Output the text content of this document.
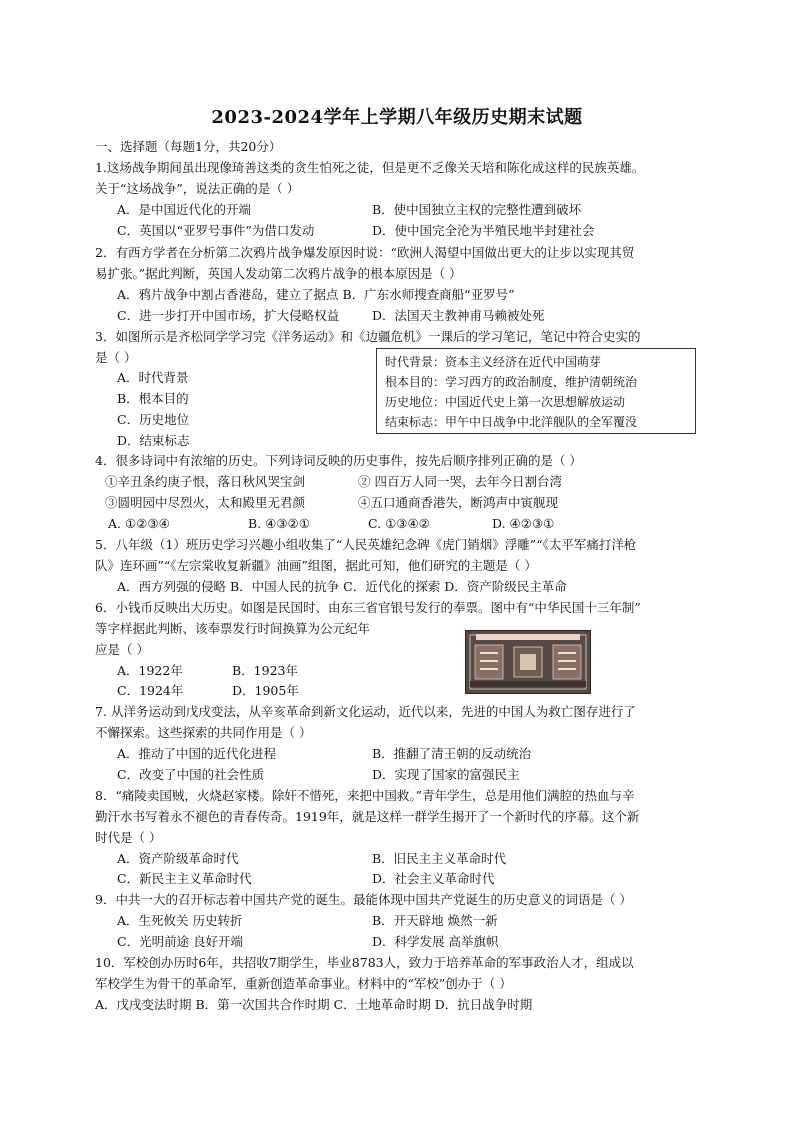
2023-2024学年上学期八年级历史期末试题
一、选择题（每题1分，共20分）
1.这场战争期间虽出现像琦善这类的贪生怕死之徒，但是更不乏像关天培和陈化成这样的民族英雄。
关于“这场战争”，说法正确的是（ ）
A．是中国近代化的开端	B．使中国独立主权的完整性遭到破坏
C．英国以“亚罗号事件”为借口发动	D．使中国完全沦为半殖民地半封建社会
2．有西方学者在分析第二次鸦片战争爆发原因时说：“欧洲人渴望中国做出更大的让步以实现其贸
易扩张。”据此判断，英国人发动第二次鸦片战争的根本原因是（ ）
A．鸦片战争中割占香港岛，建立了据点 B．广东水师搜查商船“亚罗号”
C．进一步打开中国市场，扩大侵略权益	D．法国天主教神甫马赖被处死
3．如图所示是齐松同学学习完《洋务运动》和《边疆危机》一课后的学习笔记，笔记中符合史实的
是（ ）
A．时代背景
B．根本目的
C．历史地位
D．结束标志
时代背景：资本主义经济在近代中国萌芽
根本目的：学习西方的政治制度，维护清朝统治
历史地位：中国近代史上第一次思想解放运动
结束标志：甲午中日战争中北洋舰队的全军覆没
4．很多诗词中有浓缩的历史。下列诗词反映的历史事件，按先后顺序排列正确的是（ ）
①辛丑条约庚子恨，落日秋风哭宝剑	② 四百万人同一哭，去年今日割台湾
③圆明园中尽烈火，太和殿里无君颜	④五口通商香港失，断鸿声中寅舰现
A. ①②③④	B. ④③②①	C. ①③④②	D. ④②③①
5．八年级（1）班历史学习兴趣小组收集了“人民英雄纪念碑《虎门销烟》浮雕”“《太平军痛打洋枪
队》连环画”“《左宗棠收复新疆》油画”组图，据此可知，他们研究的主题是（ ）
A．西方列强的侵略 B．中国人民的抗争 C．近代化的探索 D．资产阶级民主革命
6．小钱币反映出大历史。如图是民国时、由东三省官银号发行的奉票。图中有“中华民国十三年制”
等字样据此判断、该奉票发行时间换算为公元纪年
应是（ ）
A．1922年	B．1923年
C．1924年	D．1905年
7. 从洋务运动到戊戌变法，从辛亥革命到新文化运动，近代以来，先进的中国人为救亡图存进行了
不懈探索。这些探索的共同作用是（ ）
A．推动了中国的近代化进程	B．推翻了清王朝的反动统治
C．改变了中国的社会性质	D．实现了国家的富强民主
8．“痛陵卖国贼，火烧赵家楼。除奸不惜死，来把中国救。”青年学生，总是用他们满腔的热血与辛
勤汗水书写着永不褪色的青春传奇。1919年，就是这样一群学生揭开了一个新时代的序幕。这个新
时代是（ ）
A．资产阶级革命时代	B．旧民主主义革命时代
C．新民主主义革命时代	D．社会主义革命时代
9．中共一大的召开标志着中国共产党的诞生。最能体现中国共产党诞生的历史意义的词语是（ ）
A．生死攸关 历史转折	B．开天辟地 焕然一新
C．光明前途 良好开端	D．科学发展 高举旗帜
10．军校创办历时6年，共招收7期学生，毕业8783人，致力于培养革命的军事政治人才，组成以
军校学生为骨干的革命军，重新创造革命事业。材料中的“军校”创办于（ ）
A．戊戌变法时期 B．第一次国共合作时期 C．土地革命时期 D．抗日战争时期
